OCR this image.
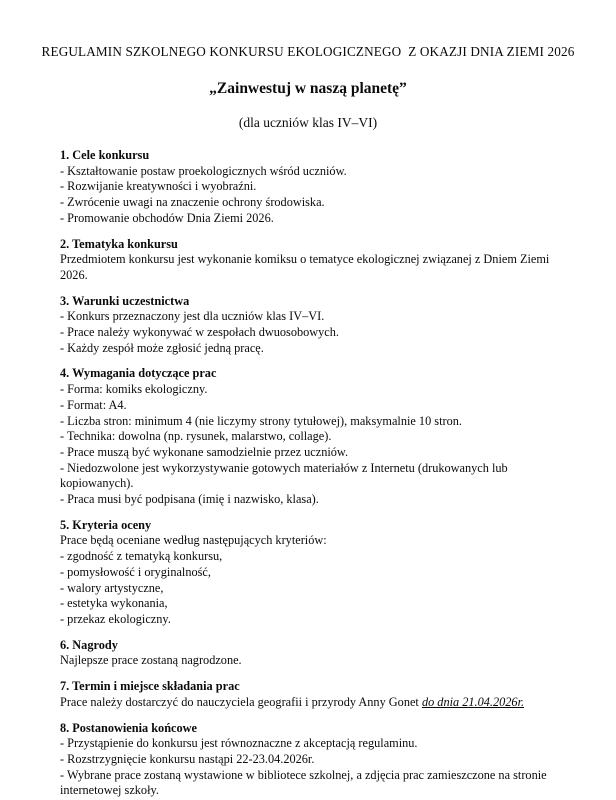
REGULAMIN SZKOLNEGO KONKURSU EKOLOGICZNEGO  Z OKAZJI DNIA ZIEMI 2026
„Zainwestuj w naszą planetę”
(dla uczniów klas IV–VI)
1. Cele konkursu
- Kształtowanie postaw proekologicznych wśród uczniów.
- Rozwijanie kreatywności i wyobraźni.
- Zwrócenie uwagi na znaczenie ochrony środowiska.
- Promowanie obchodów Dnia Ziemi 2026.
2. Tematyka konkursu
Przedmiotem konkursu jest wykonanie komiksu o tematyce ekologicznej związanej z Dniem Ziemi 2026.
3. Warunki uczestnictwa
- Konkurs przeznaczony jest dla uczniów klas IV–VI.
- Prace należy wykonywać w zespołach dwuosobowych.
- Każdy zespół może zgłosić jedną pracę.
4. Wymagania dotyczące prac
- Forma: komiks ekologiczny.
- Format: A4.
- Liczba stron: minimum 4 (nie liczymy strony tytułowej), maksymalnie 10 stron.
- Technika: dowolna (np. rysunek, malarstwo, collage).
- Prace muszą być wykonane samodzielnie przez uczniów.
- Niedozwolone jest wykorzystywanie gotowych materiałów z Internetu (drukowanych lub kopiowanych).
- Praca musi być podpisana (imię i nazwisko, klasa).
5. Kryteria oceny
Prace będą oceniane według następujących kryteriów:
- zgodność z tematyką konkursu,
- pomysłowość i oryginalność,
- walory artystyczne,
- estetyka wykonania,
- przekaz ekologiczny.
6. Nagrody
Najlepsze prace zostaną nagrodzone.
7. Termin i miejsce składania prac
Prace należy dostarczyć do nauczyciela geografii i przyrody Anny Gonet do dnia 21.04.2026r.
8. Postanowienia końcowe
- Przystąpienie do konkursu jest równoznaczne z akceptacją regulaminu.
- Rozstrzygnięcie konkursu nastąpi 22-23.04.2026r.
- Wybrane prace zostaną wystawione w bibliotece szkolnej, a zdjęcia prac zamieszczone na stronie internetowej szkoły.
